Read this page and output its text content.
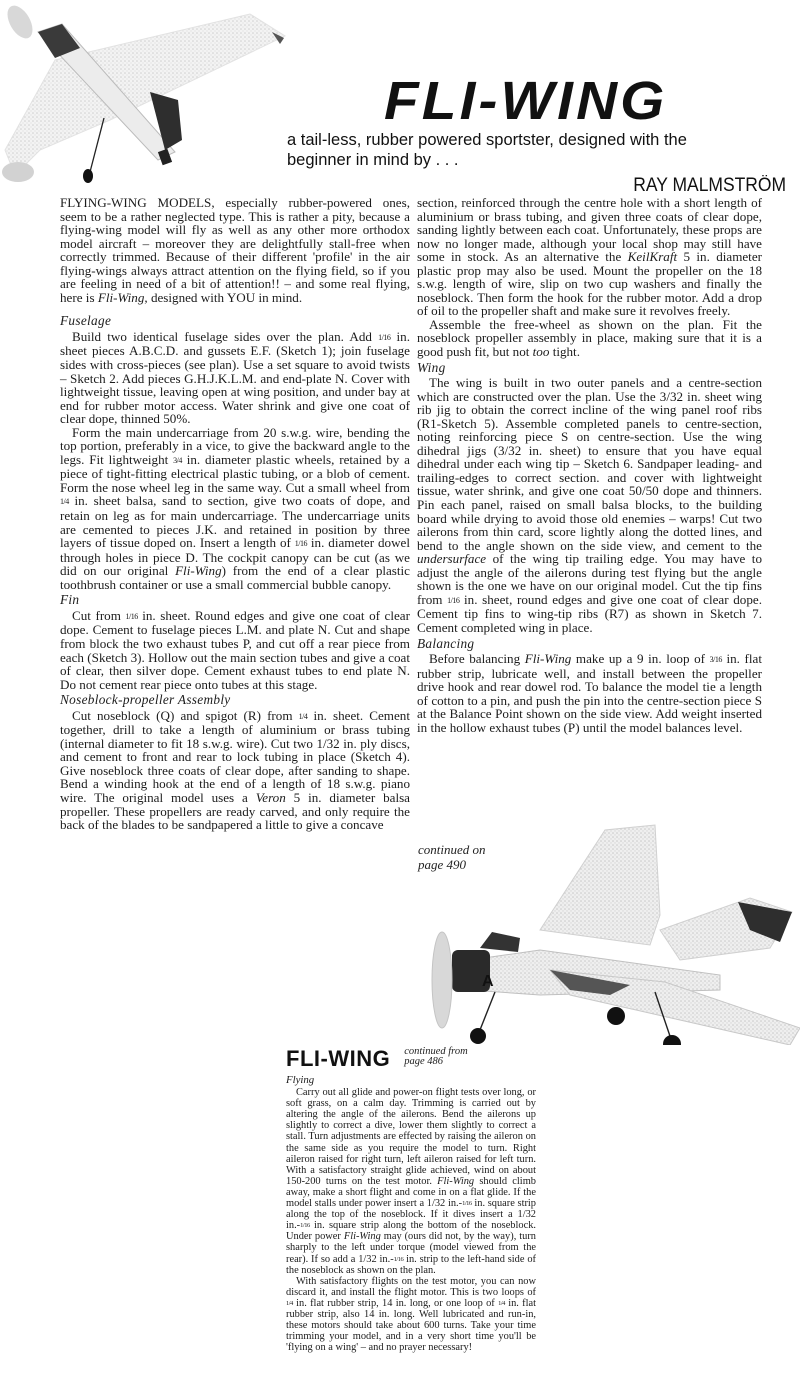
FLI-WING
a tail-less, rubber powered sportster, designed with the beginner in mind by . . .
RAY MALMSTRÖM

FLYING-WING MODELS, especially rubber-powered ones, seem to be a rather neglected type. This is rather a pity, because a flying-wing model will fly as well as any other more orthodox model aircraft – moreover they are delightfully stall-free when correctly trimmed. Because of their different 'profile' in the air flying-wings always attract attention on the flying field, so if you are feeling in need of a bit of attention!! – and some real flying, here is Fli-Wing, designed with YOU in mind.

Fuselage

Build two identical fuselage sides over the plan. Add 1/16 in. sheet pieces A.B.C.D. and gussets E.F. (Sketch 1); join fuselage sides with cross-pieces (see plan). Use a set square to avoid twists – Sketch 2. Add pieces G.H.J.K.L.M. and end-plate N. Cover with lightweight tissue, leaving open at wing position, and under bay at end for rubber motor access. Water shrink and give one coat of clear dope, thinned 50%.

Form the main undercarriage from 20 s.w.g. wire, bending the top portion, preferably in a vice, to give the backward angle to the legs. Fit lightweight 3/4 in. diameter plastic wheels, retained by a piece of tight-fitting electrical plastic tubing, or a blob of cement. Form the nose wheel leg in the same way. Cut a small wheel from 1/4 in. sheet balsa, sand to section, give two coats of dope, and retain on leg as for main undercarriage. The undercarriage units are cemented to pieces J.K. and retained in position by three layers of tissue doped on. Insert a length of 1/16 in. diameter dowel through holes in piece D. The cockpit canopy can be cut (as we did on our original Fli-Wing) from the end of a clear plastic toothbrush container or use a small commercial bubble canopy.

Fin

Cut from 1/16 in. sheet. Round edges and give one coat of clear dope. Cement to fuselage pieces L.M. and plate N. Cut and shape from block the two exhaust tubes P, and cut off a rear piece from each (Sketch 3). Hollow out the main section tubes and give a coat of clear, then silver dope. Cement exhaust tubes to end plate N. Do not cement rear piece onto tubes at this stage.

Noseblock-propeller Assembly

Cut noseblock (Q) and spigot (R) from 1/4 in. sheet. Cement together, drill to take a length of aluminium or brass tubing (internal diameter to fit 18 s.w.g. wire). Cut two 1/32 in. ply discs, and cement to front and rear to lock tubing in place (Sketch 4). Give noseblock three coats of clear dope, after sanding to shape. Bend a winding hook at the end of a length of 18 s.w.g. piano wire. The original model uses a Veron 5 in. diameter balsa propeller. These propellers are ready carved, and only require the back of the blades to be sandpapered a little to give a concave

section, reinforced through the centre hole with a short length of aluminium or brass tubing, and given three coats of clear dope, sanding lightly between each coat. Unfortunately, these props are now no longer made, although your local shop may still have some in stock. As an alternative the KeilKraft 5 in. diameter plastic prop may also be used. Mount the propeller on the 18 s.w.g. length of wire, slip on two cup washers and finally the noseblock. Then form the hook for the rubber motor. Add a drop of oil to the propeller shaft and make sure it revolves freely.

Assemble the free-wheel as shown on the plan. Fit the noseblock propeller assembly in place, making sure that it is a good push fit, but not too tight.

Wing

The wing is built in two outer panels and a centre-section which are constructed over the plan. Use the 3/32 in. sheet wing rib jig to obtain the correct incline of the wing panel roof ribs (R1-Sketch 5). Assemble completed panels to centre-section, noting reinforcing piece S on centre-section. Use the wing dihedral jigs (3/32 in. sheet) to ensure that you have equal dihedral under each wing tip – Sketch 6. Sandpaper leading- and trailing-edges to correct section. and cover with lightweight tissue, water shrink, and give one coat 50/50 dope and thinners. Pin each panel, raised on small balsa blocks, to the building board while drying to avoid those old enemies – warps! Cut two ailerons from thin card, score lightly along the dotted lines, and bend to the angle shown on the side view, and cement to the undersurface of the wing tip trailing edge. You may have to adjust the angle of the ailerons during test flying but the angle shown is the one we have on our original model. Cut the tip fins from 1/16 in. sheet, round edges and give one coat of clear dope. Cement tip fins to wing-tip ribs (R7) as shown in Sketch 7. Cement completed wing in place.

Balancing

Before balancing Fli-Wing make up a 9 in. loop of 3/16 in. flat rubber strip, lubricate well, and install between the propeller drive hook and rear dowel rod. To balance the model tie a length of cotton to a pin, and push the pin into the centre-section piece S at the Balance Point shown on the side view. Add weight inserted in the hollow exhaust tubes (P) until the model balances level.

A
continued on
page 490
FLI-WING continued from
page 486
Flying

Carry out all glide and power-on flight tests over long, or soft grass, on a calm day. Trimming is carried out by altering the angle of the ailerons. Bend the ailerons up slightly to correct a dive, lower them slightly to correct a stall. Turn adjustments are effected by raising the aileron on the same side as you require the model to turn. Right aileron raised for right turn, left aileron raised for left turn. With a satisfactory straight glide achieved, wind on about 150-200 turns on the test motor. Fli-Wing should climb away, make a short flight and come in on a flat glide. If the model stalls under power insert a 1/32 in.-1/16 in. square strip along the top of the noseblock. If it dives insert a 1/32 in.-1/16 in. square strip along the bottom of the noseblock. Under power Fli-Wing may (ours did not, by the way), turn sharply to the left under torque (model viewed from the rear). If so add a 1/32 in.-1/16 in. strip to the left-hand side of the noseblock as shown on the plan.

With satisfactory flights on the test motor, you can now discard it, and install the flight motor. This is two loops of 1/4 in. flat rubber strip, 14 in. long, or one loop of 1/4 in. flat rubber strip, also 14 in. long. Well lubricated and run-in, these motors should take about 600 turns. Take your time trimming your model, and in a very short time you'll be 'flying on a wing' – and no prayer necessary!
